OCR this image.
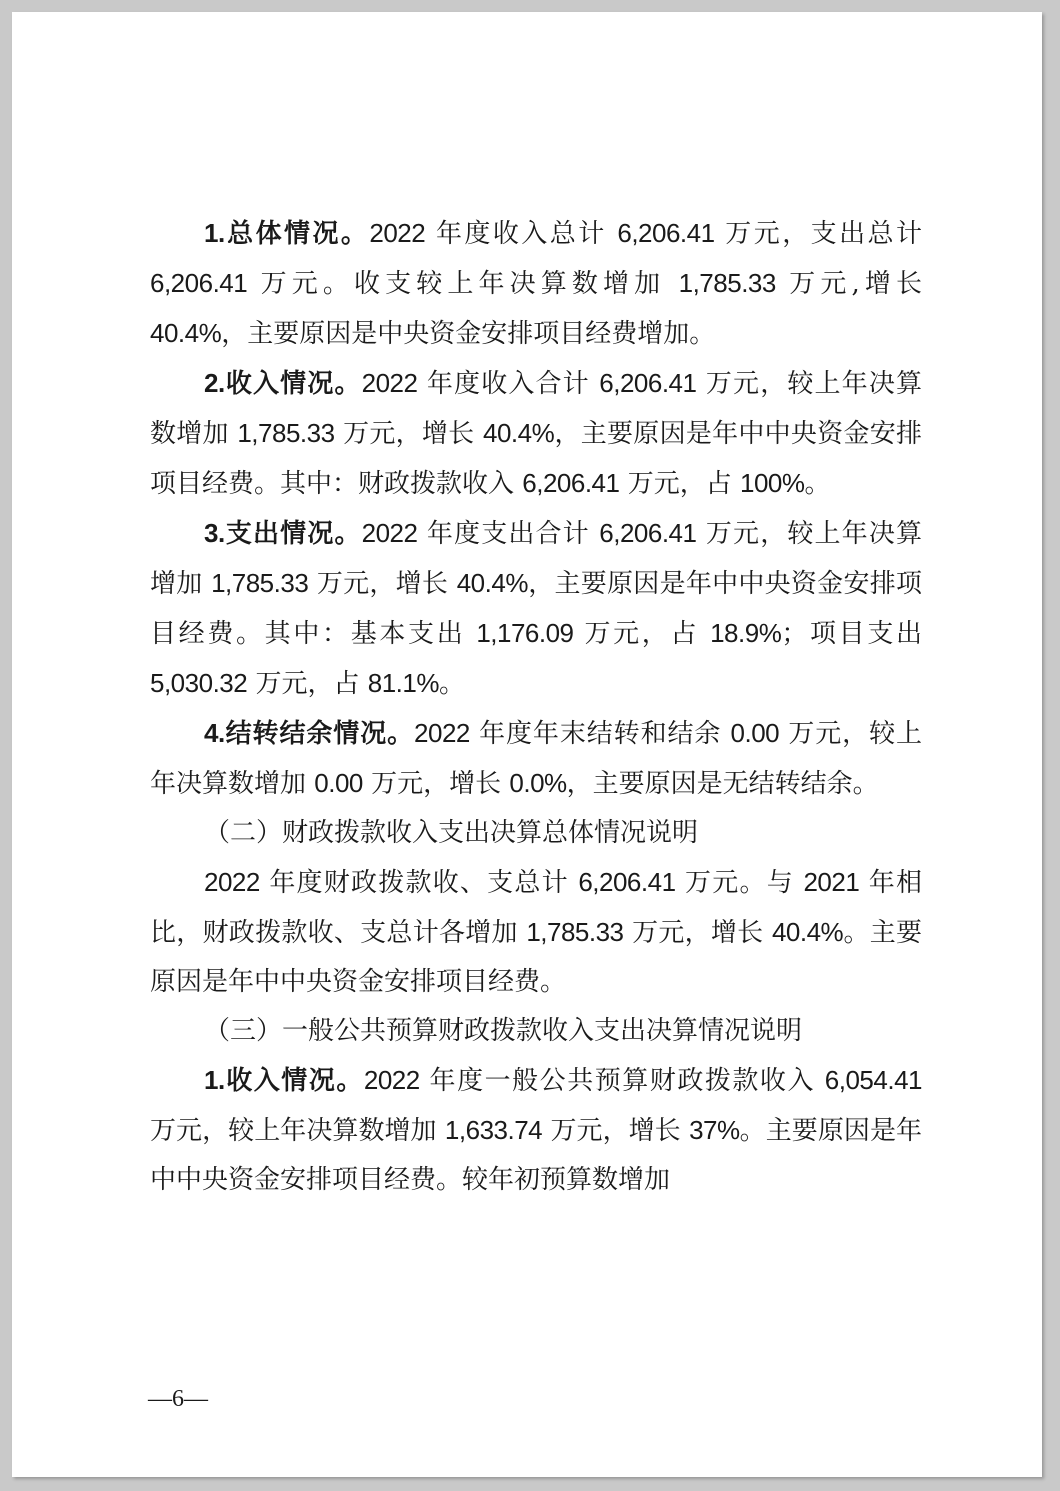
1.总体情况。2022 年度收入总计 6,206.41 万元，支出总计 6,206.41 万元。收支较上年决算数增加 1,785.33 万元,增长 40.4%，主要原因是中央资金安排项目经费增加。

2.收入情况。2022 年度收入合计 6,206.41 万元，较上年决算数增加 1,785.33 万元，增长 40.4%，主要原因是年中中央资金安排项目经费。其中：财政拨款收入 6,206.41 万元，占 100%。

3.支出情况。2022 年度支出合计 6,206.41 万元，较上年决算增加 1,785.33 万元，增长 40.4%，主要原因是年中中央资金安排项目经费。其中：基本支出 1,176.09 万元，占 18.9%；项目支出 5,030.32 万元，占 81.1%。

4.结转结余情况。2022 年度年末结转和结余 0.00 万元，较上年决算数增加 0.00 万元，增长 0.0%，主要原因是无结转结余。

（二）财政拨款收入支出决算总体情况说明

2022 年度财政拨款收、支总计 6,206.41 万元。与 2021 年相比，财政拨款收、支总计各增加 1,785.33 万元，增长 40.4%。主要原因是年中中央资金安排项目经费。

（三）一般公共预算财政拨款收入支出决算情况说明

1.收入情况。2022 年度一般公共预算财政拨款收入 6,054.41 万元，较上年决算数增加 1,633.74 万元，增长 37%。主要原因是年中中央资金安排项目经费。较年初预算数增加

—6—
